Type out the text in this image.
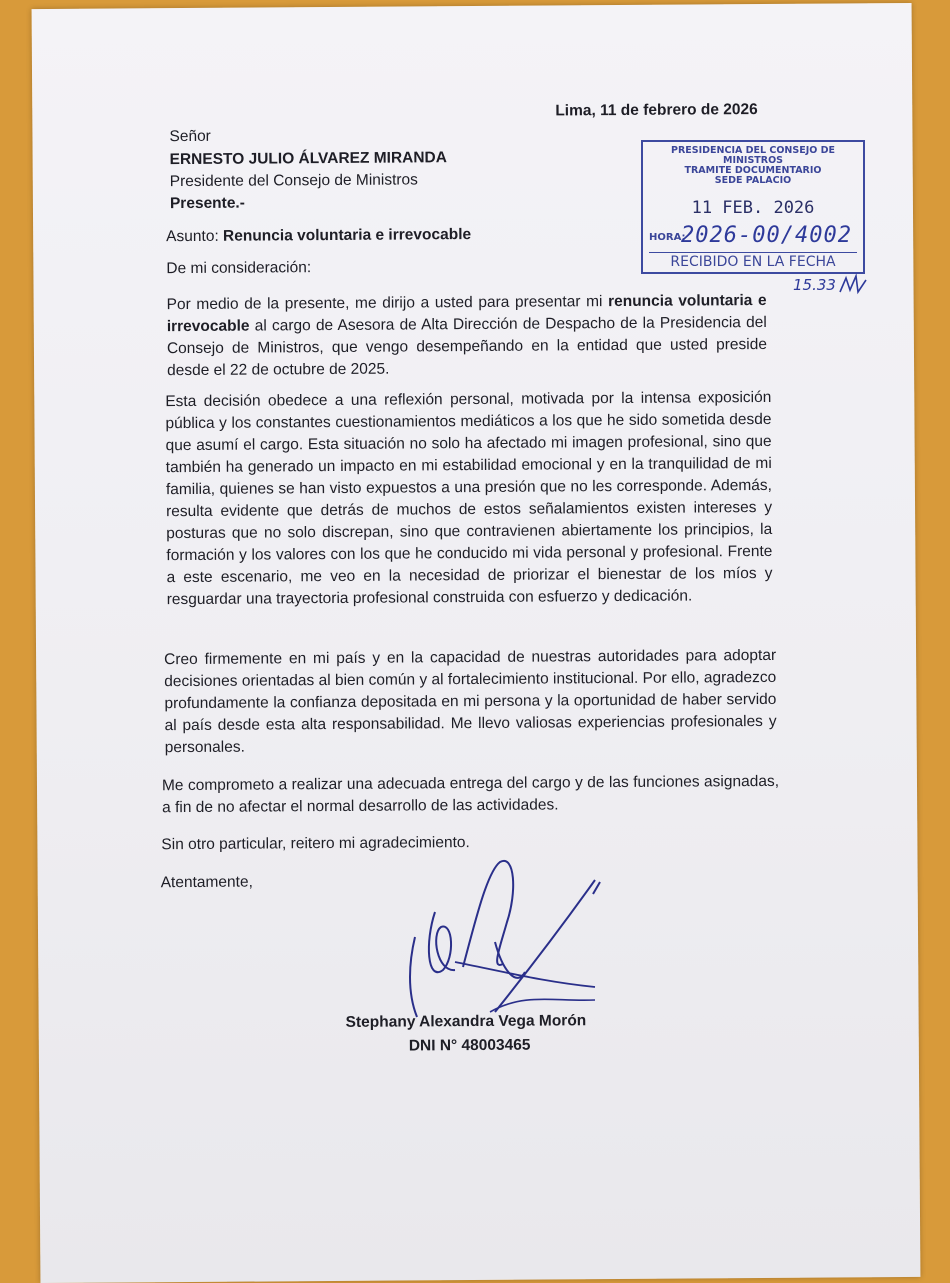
Lima, 11 de febrero de 2026
Señor
ERNESTO JULIO ÁLVAREZ MIRANDA
Presidente del Consejo de Ministros
Presente.-
Asunto: Renuncia voluntaria e irrevocable
De mi consideración:
Por medio de la presente, me dirijo a usted para presentar mi renuncia voluntaria e irrevocable al cargo de Asesora de Alta Dirección de Despacho de la Presidencia del Consejo de Ministros, que vengo desempeñando en la entidad que usted preside desde el 22 de octubre de 2025.
Esta decisión obedece a una reflexión personal, motivada por la intensa exposición pública y los constantes cuestionamientos mediáticos a los que he sido sometida desde que asumí el cargo. Esta situación no solo ha afectado mi imagen profesional, sino que también ha generado un impacto en mi estabilidad emocional y en la tranquilidad de mi familia, quienes se han visto expuestos a una presión que no les corresponde. Además, resulta evidente que detrás de muchos de estos señalamientos existen intereses y posturas que no solo discrepan, sino que contravienen abiertamente los principios, la formación y los valores con los que he conducido mi vida personal y profesional. Frente a este escenario, me veo en la necesidad de priorizar el bienestar de los míos y resguardar una trayectoria profesional construida con esfuerzo y dedicación.
Creo firmemente en mi país y en la capacidad de nuestras autoridades para adoptar decisiones orientadas al bien común y al fortalecimiento institucional. Por ello, agradezco profundamente la confianza depositada en mi persona y la oportunidad de haber servido al país desde esta alta responsabilidad. Me llevo valiosas experiencias profesionales y personales.
Me comprometo a realizar una adecuada entrega del cargo y de las funciones asignadas, a fin de no afectar el normal desarrollo de las actividades.
Sin otro particular, reitero mi agradecimiento.
Atentamente,
Stephany Alexandra Vega Morón
DNI N° 48003465
PRESIDENCIA DEL CONSEJO DE MINISTROS
TRAMITE DOCUMENTARIO
SEDE PALACIO
11 FEB. 2026
HORA:
2026-00/4002
RECIBIDO EN LA FECHA
15.33
